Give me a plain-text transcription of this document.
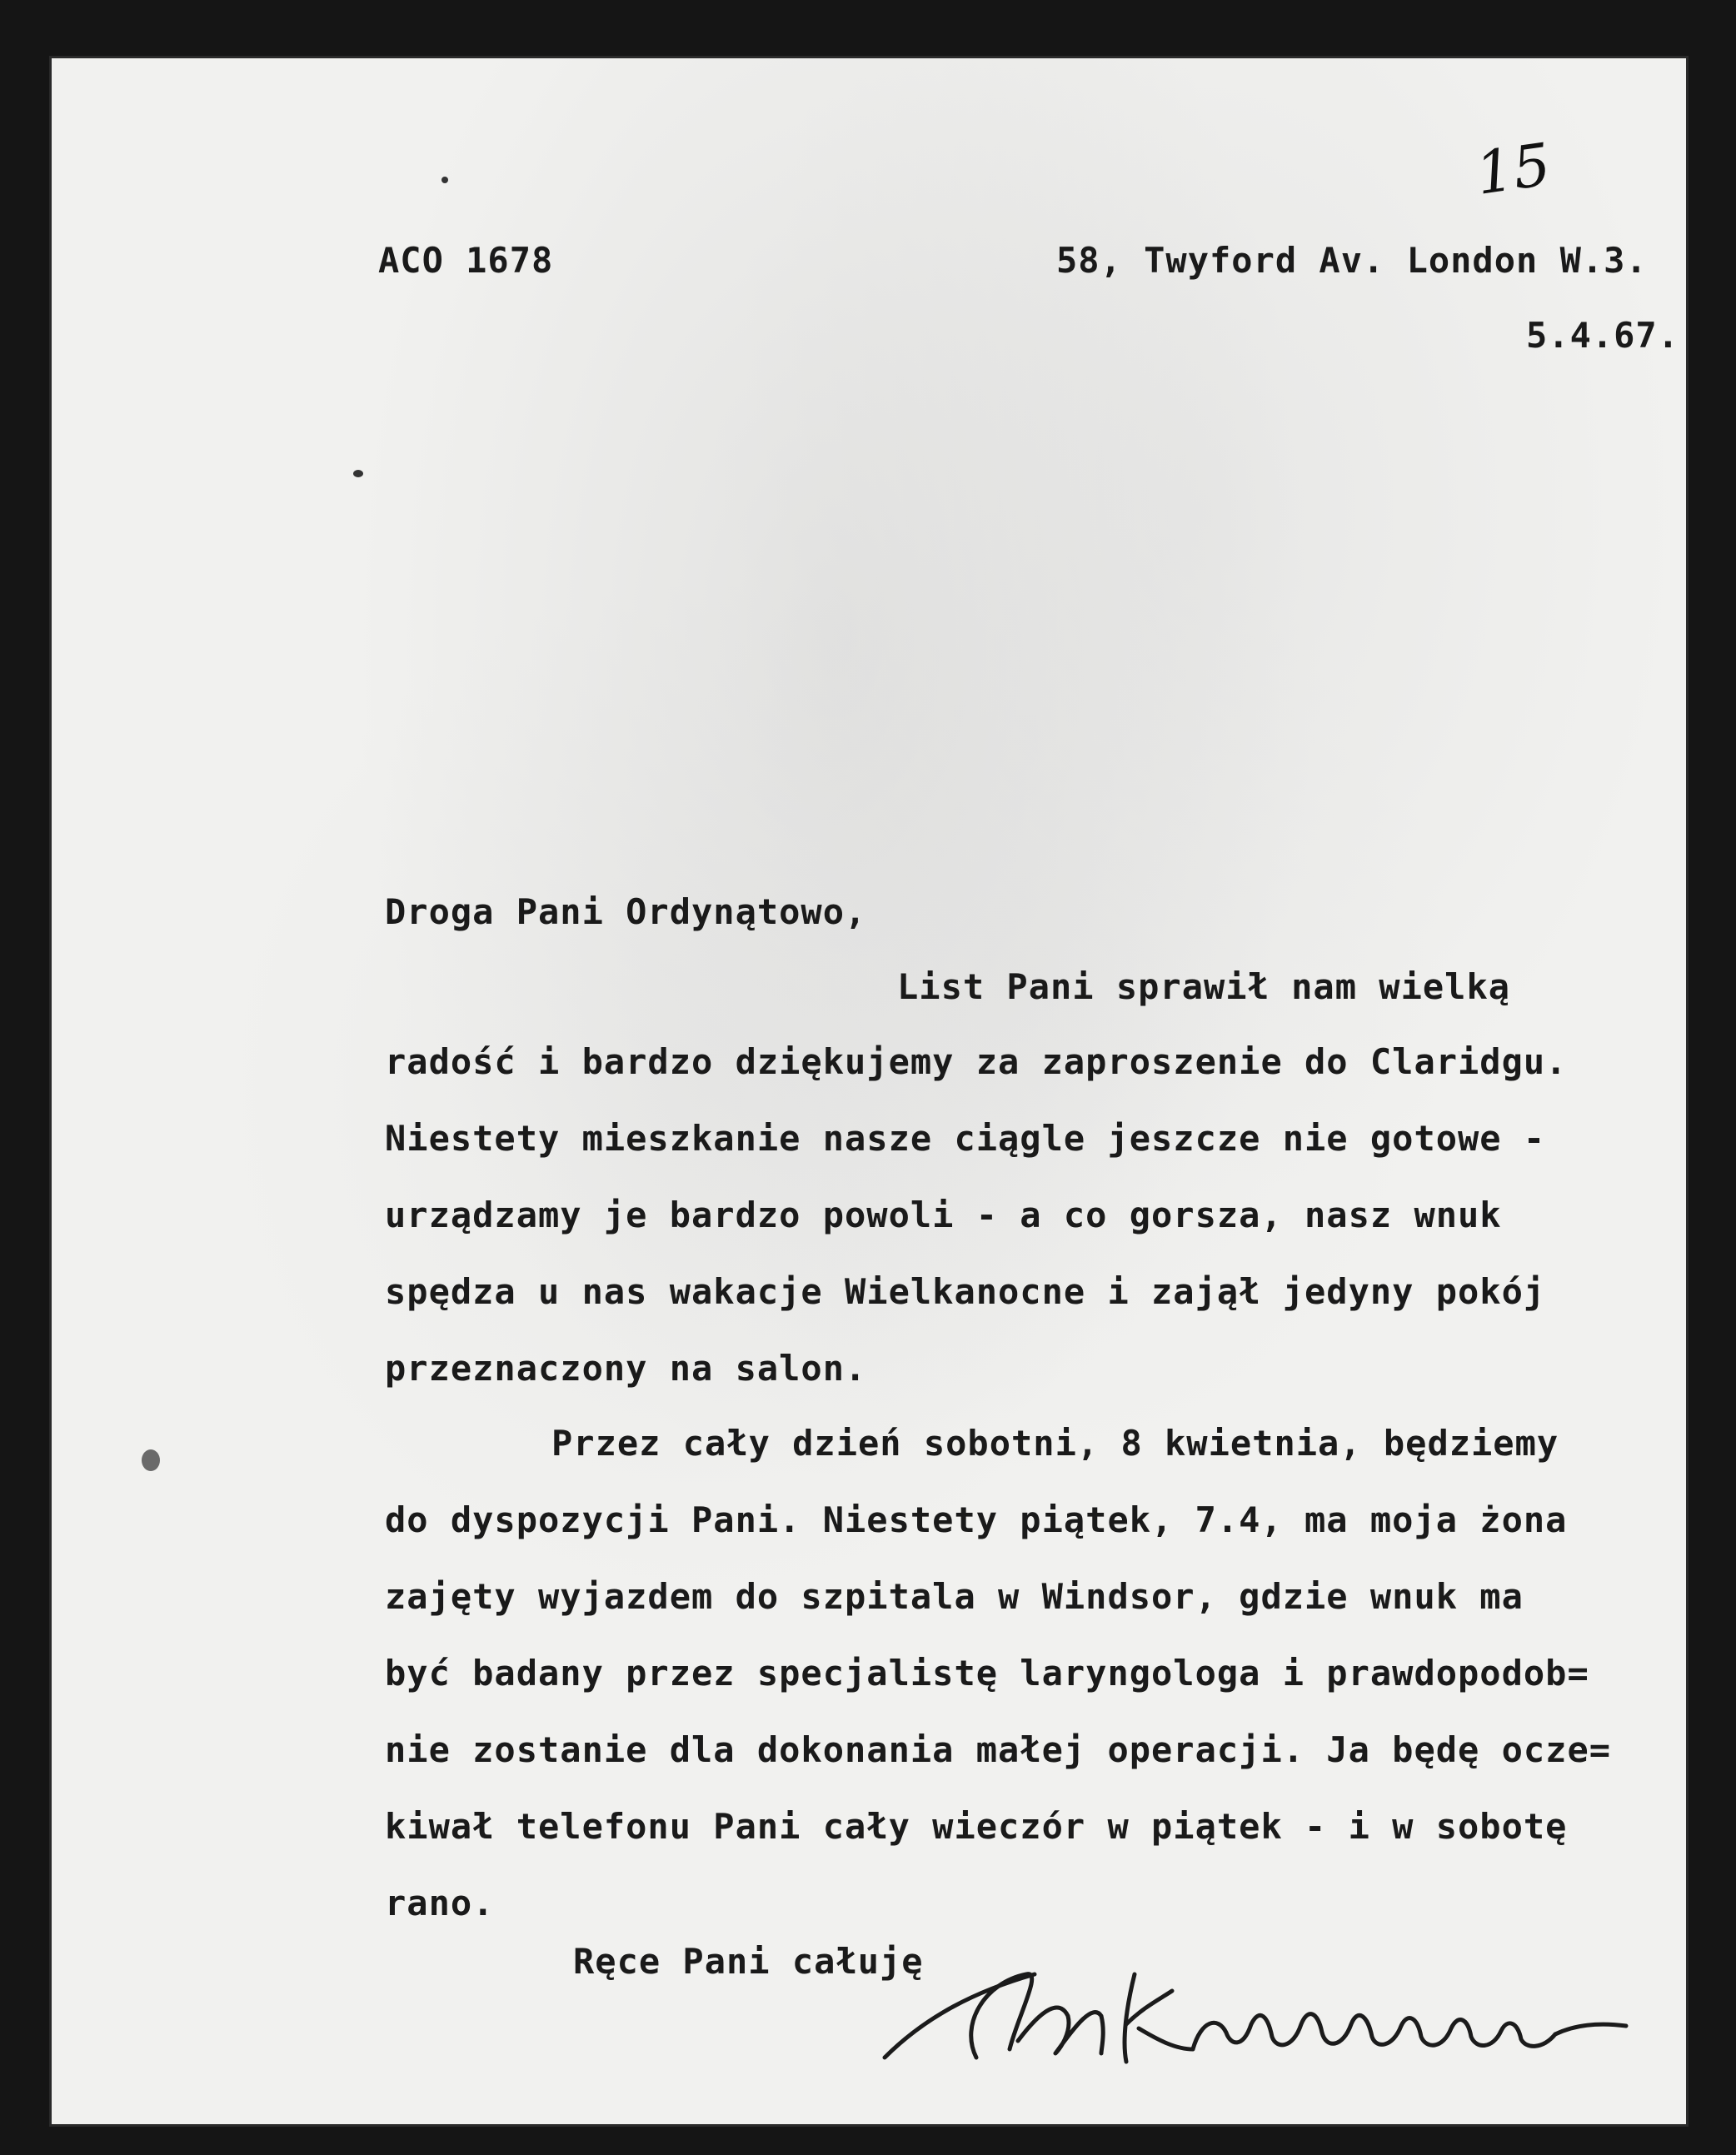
15
ACO 1678	58, Twyford Av. London W.3.
5.4.67.
Droga Pani Ordynątowo,
List Pani sprawił nam wielką
radość i bardzo dziękujemy za zaproszenie do Claridgu.
Niestety mieszkanie nasze ciągle jeszcze nie gotowe -
urządzamy je bardzo powoli - a co gorsza, nasz wnuk
spędza u nas wakacje Wielkanocne i zajął jedyny pokój
przeznaczony na salon.
Przez cały dzień sobotni, 8 kwietnia, będziemy
do dyspozycji Pani. Niestety piątek, 7.4, ma moja żona
zajęty wyjazdem do szpitala w Windsor, gdzie wnuk ma
być badany przez specjalistę laryngologa i prawdopodob=
nie zostanie dla dokonania małej operacji. Ja będę ocze=
kiwał telefonu Pani cały wieczór w piątek - i w sobotę
rano.
Ręce Pani całuję
